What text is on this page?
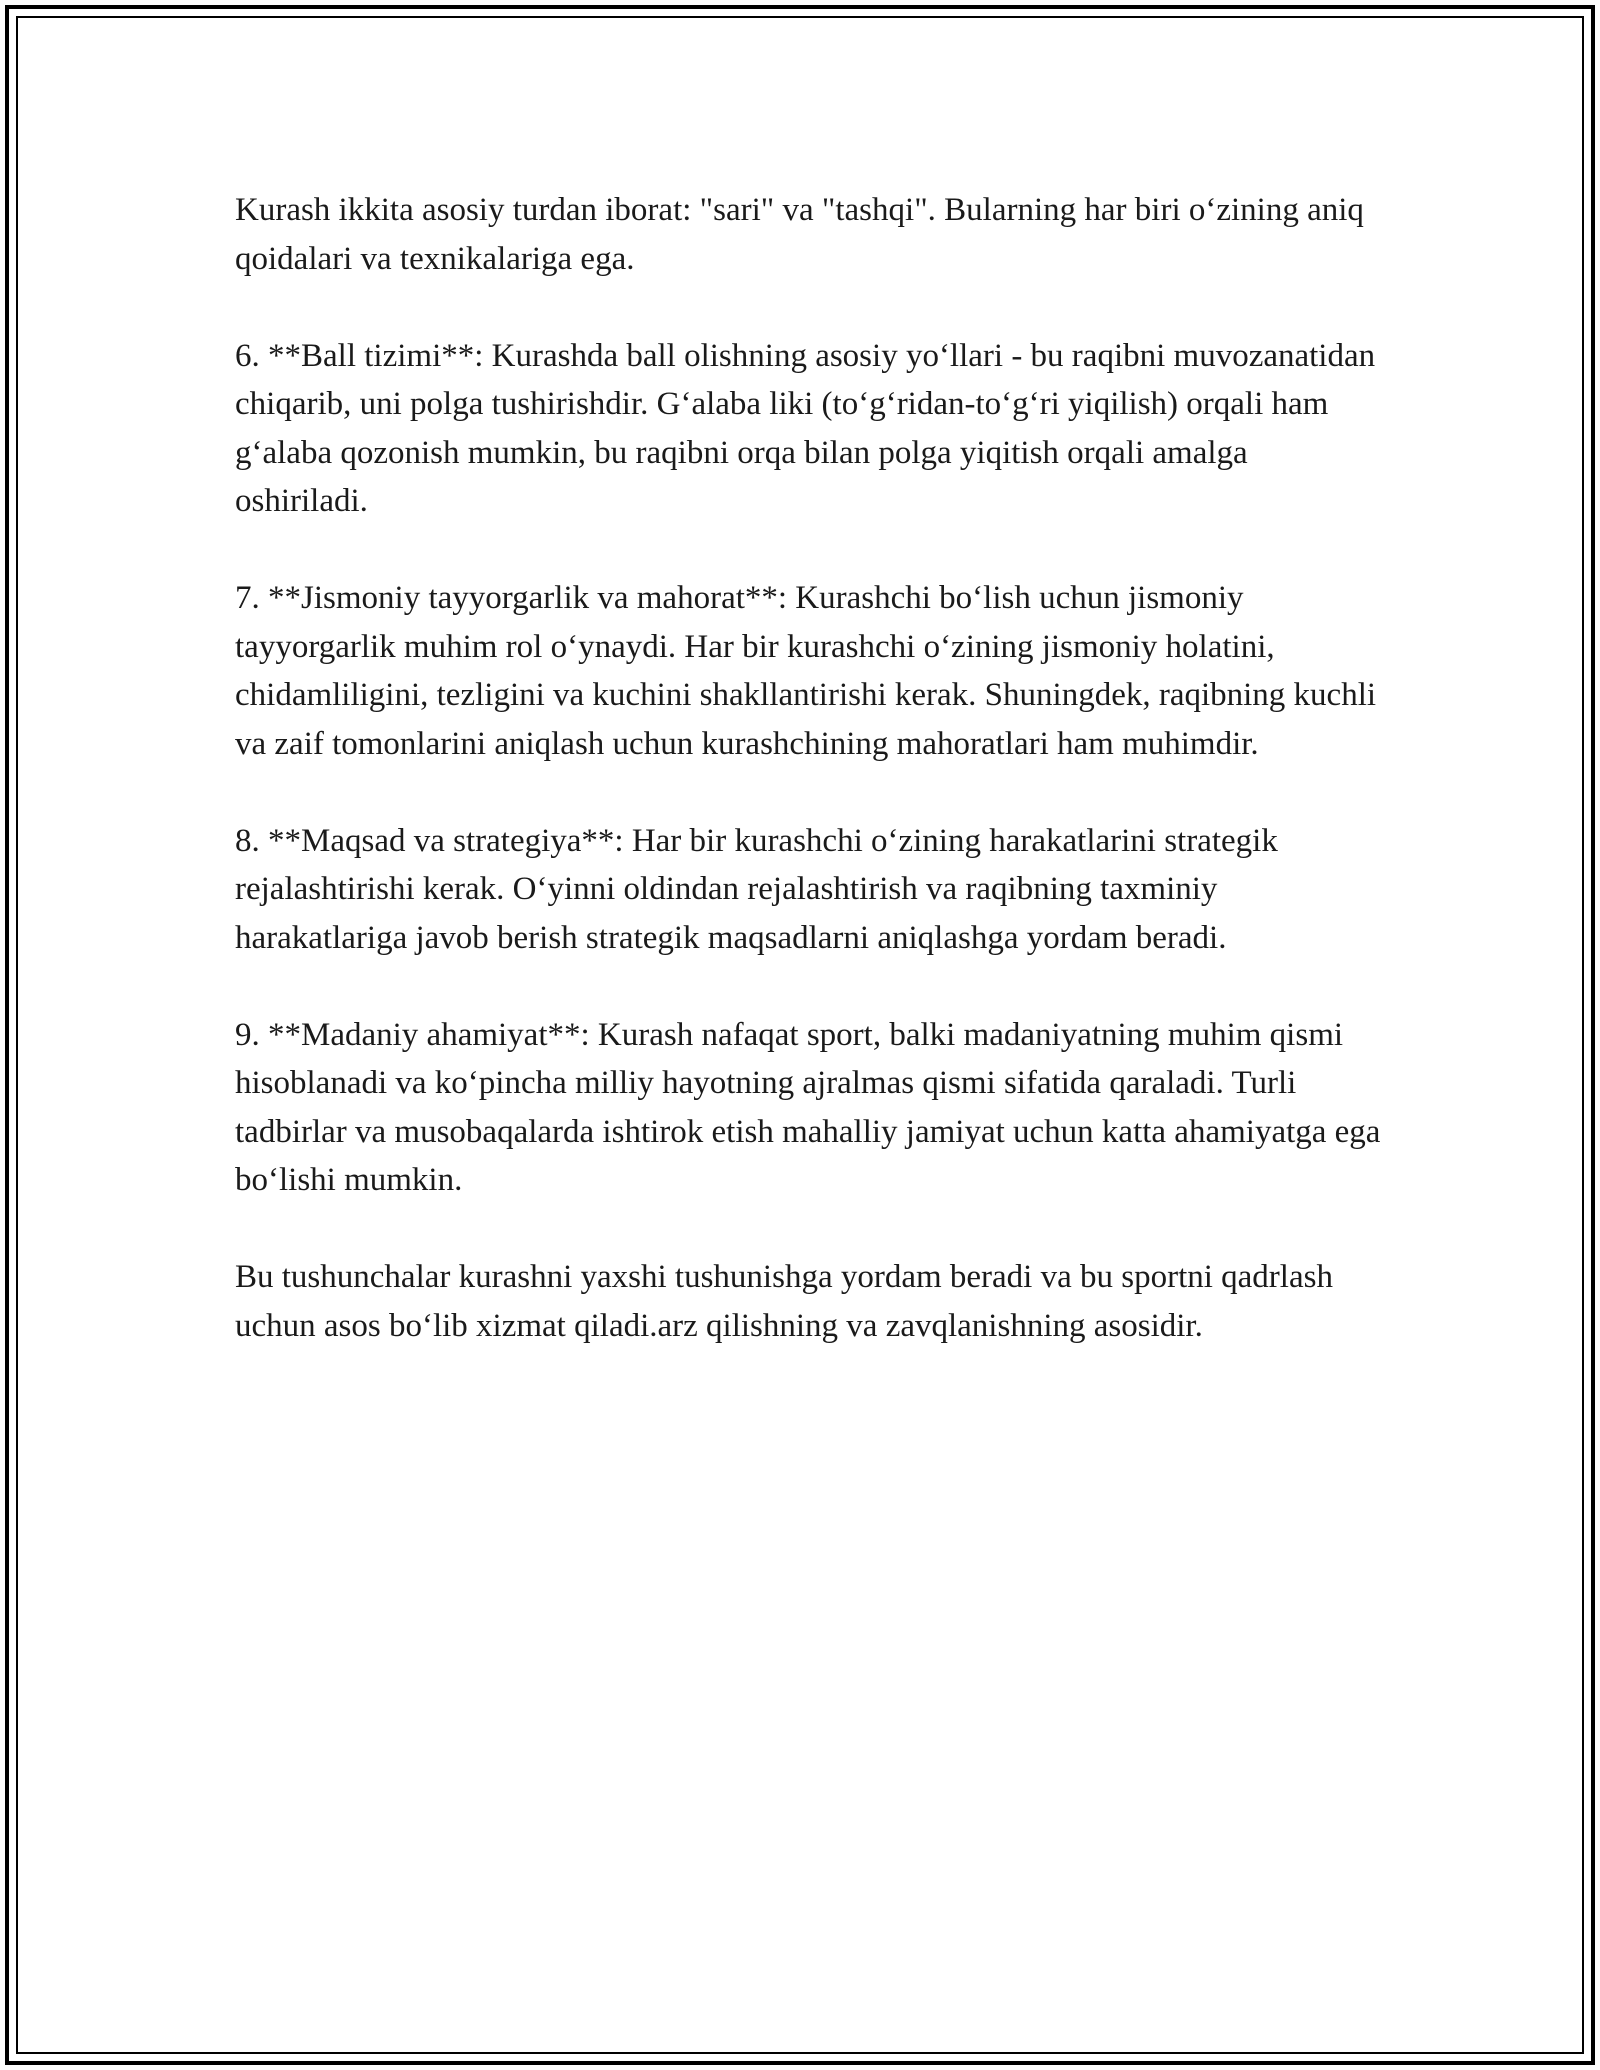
Kurash ikkita asosiy turdan iborat: "sari" va "tashqi". Bularning har biri o‘zining aniq qoidalari va texnikalariga ega.

6. **Ball tizimi**: Kurashda ball olishning asosiy yo‘llari - bu raqibni muvozanatidan chiqarib, uni polga tushirishdir. G‘alaba liki (to‘g‘ridan-to‘g‘ri yiqilish) orqali ham g‘alaba qozonish mumkin, bu raqibni orqa bilan polga yiqitish orqali amalga oshiriladi.

7. **Jismoniy tayyorgarlik va mahorat**: Kurashchi bo‘lish uchun jismoniy tayyorgarlik muhim rol o‘ynaydi. Har bir kurashchi o‘zining jismoniy holatini, chidamliligini, tezligini va kuchini shakllantirishi kerak. Shuningdek, raqibning kuchli va zaif tomonlarini aniqlash uchun kurashchining mahoratlari ham muhimdir.

8. **Maqsad va strategiya**: Har bir kurashchi o‘zining harakatlarini strategik rejalashtirishi kerak. O‘yinni oldindan rejalashtirish va raqibning taxminiy harakatlariga javob berish strategik maqsadlarni aniqlashga yordam beradi.

9. **Madaniy ahamiyat**: Kurash nafaqat sport, balki madaniyatning muhim qismi hisoblanadi va ko‘pincha milliy hayotning ajralmas qismi sifatida qaraladi. Turli tadbirlar va musobaqalarda ishtirok etish mahalliy jamiyat uchun katta ahamiyatga ega bo‘lishi mumkin.

Bu tushunchalar kurashni yaxshi tushunishga yordam beradi va bu sportni qadrlash uchun asos bo‘lib xizmat qiladi.arz qilishning va zavqlanishning asosidir.
